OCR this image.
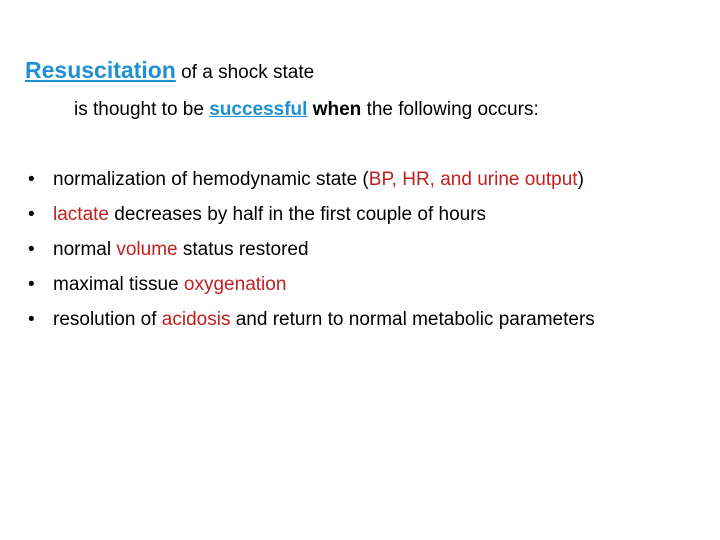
Resuscitation of a shock state
is thought to be successful when the following occurs:
• normalization of hemodynamic state (BP, HR, and urine output)
• lactate decreases by half in the first couple of hours
• normal volume status restored
• maximal tissue oxygenation
• resolution of acidosis and return to normal metabolic parameters
